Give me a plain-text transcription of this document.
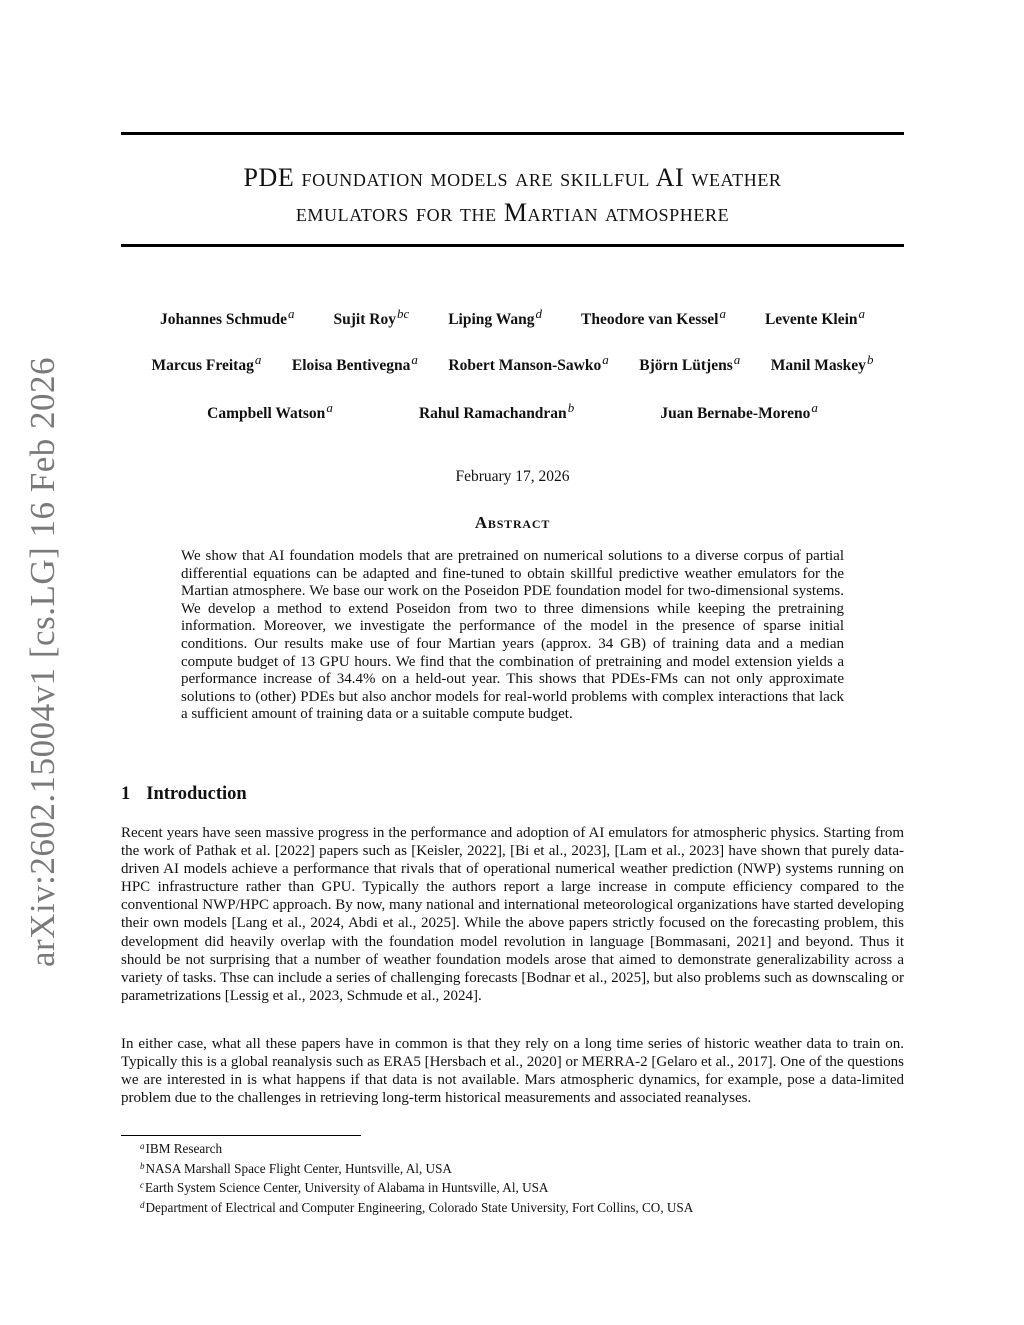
arXiv:2602.15004v1 [cs.LG] 16 Feb 2026
PDE foundation models are skillful AI weather
emulators for the Martian atmosphere
Johannes Schmude$^a$	Sujit Roy$^{bc}$	Liping Wang$^d$	Theodore van Kessel$^a$	Levente Klein$^a$
Marcus Freitag$^a$ Eloisa Bentivegna$^a$ Robert Manson-Sawko$^a$ Björn Lütjens$^a$ Manil Maskey$^b$
Campbell Watson$^a$	Rahul Ramachandran$^b$	Juan Bernabe-Moreno$^a$
February 17, 2026
Abstract
We show that AI foundation models that are pretrained on numerical solutions to a diverse corpus of partial differential equations can be adapted and fine-tuned to obtain skillful predictive weather emulators for the Martian atmosphere. We base our work on the Poseidon PDE foundation model for two-dimensional systems. We develop a method to extend Poseidon from two to three dimensions while keeping the pretraining information. Moreover, we investigate the performance of the model in the presence of sparse initial conditions. Our results make use of four Martian years (approx. 34 GB) of training data and a median compute budget of 13 GPU hours. We find that the combination of pretraining and model extension yields a performance increase of 34.4% on a held-out year. This shows that PDEs-FMs can not only approximate solutions to (other) PDEs but also anchor models for real-world problems with complex interactions that lack a sufficient amount of training data or a suitable compute budget.
1 Introduction

Recent years have seen massive progress in the performance and adoption of AI emulators for atmospheric physics. Starting from the work of Pathak et al. [2022] papers such as [Keisler, 2022], [Bi et al., 2023], [Lam et al., 2023] have shown that purely data-driven AI models achieve a performance that rivals that of operational numerical weather prediction (NWP) systems running on HPC infrastructure rather than GPU. Typically the authors report a large increase in compute efficiency compared to the conventional NWP/HPC approach. By now, many national and international meteorological organizations have started developing their own models [Lang et al., 2024, Abdi et al., 2025]. While the above papers strictly focused on the forecasting problem, this development did heavily overlap with the foundation model revolution in language [Bommasani, 2021] and beyond. Thus it should be not surprising that a number of weather foundation models arose that aimed to demonstrate generalizability across a variety of tasks. Thse can include a series of challenging forecasts [Bodnar et al., 2025], but also problems such as downscaling or parametrizations [Lessig et al., 2023, Schmude et al., 2024].

In either case, what all these papers have in common is that they rely on a long time series of historic weather data to train on. Typically this is a global reanalysis such as ERA5 [Hersbach et al., 2020] or MERRA-2 [Gelaro et al., 2017]. One of the questions we are interested in is what happens if that data is not available. Mars atmospheric dynamics, for example, pose a data-limited problem due to the challenges in retrieving long-term historical measurements and associated reanalyses.

$^a$IBM Research
$^b$NASA Marshall Space Flight Center, Huntsville, Al, USA
$^c$Earth System Science Center, University of Alabama in Huntsville, Al, USA
$^d$Department of Electrical and Computer Engineering, Colorado State University, Fort Collins, CO, USA
